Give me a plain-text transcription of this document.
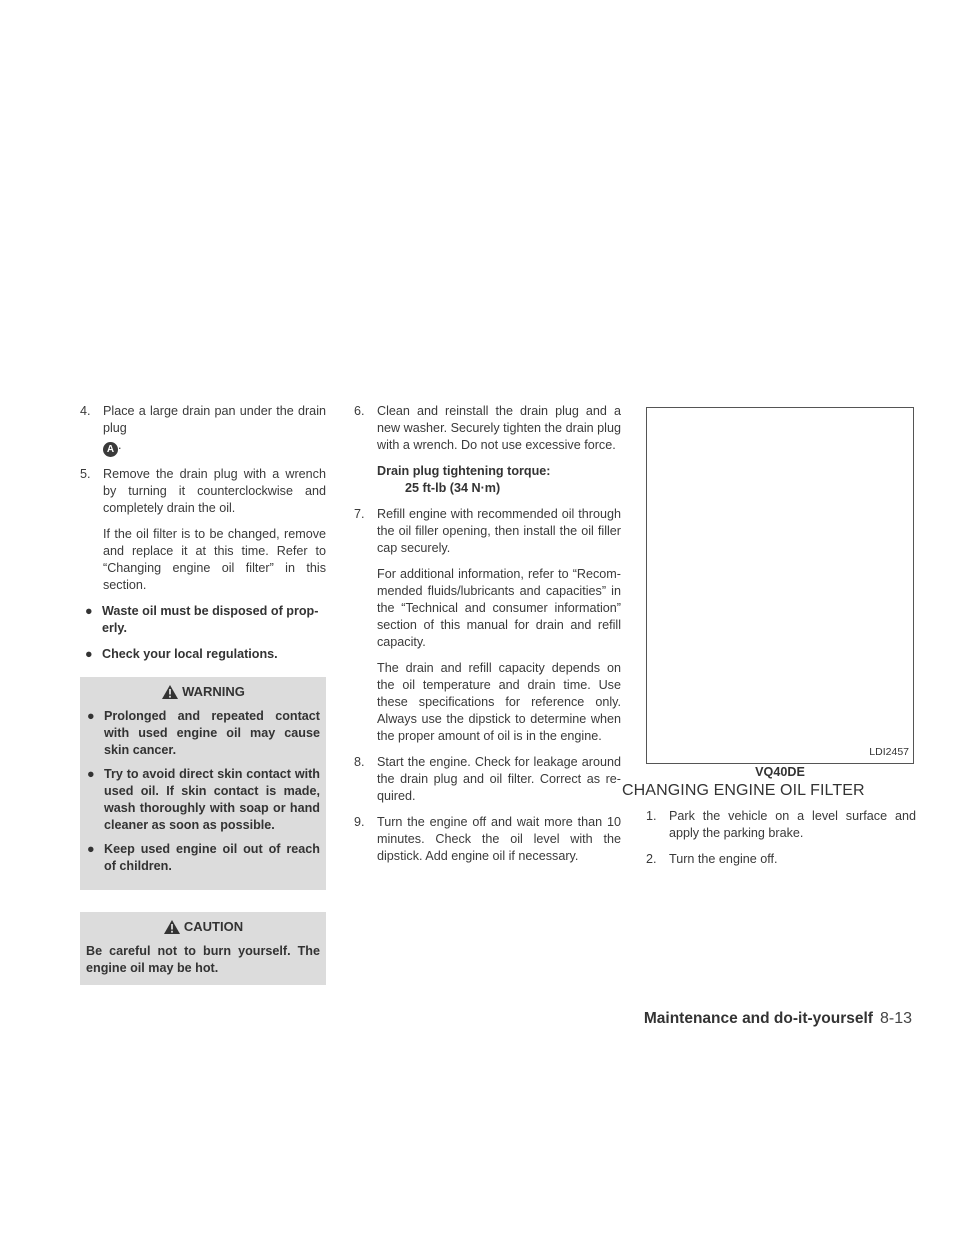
4. Place a large drain pan under the drain plug
A .
5. Remove the drain plug with a wrench by turning it counterclockwise and completely drain the oil.
If the oil filter is to be changed, remove and replace it at this time. Refer to “Changing engine oil filter” in this section.
● Waste oil must be disposed of prop-erly.
● Check your local regulations.
WARNING
● Prolonged and repeated contact with used engine oil may cause skin cancer.
● Try to avoid direct skin contact with used oil. If skin contact is made, wash thoroughly with soap or hand cleaner as soon as possible.
● Keep used engine oil out of reach of children.
CAUTION
Be careful not to burn yourself. The engine oil may be hot.
6. Clean and reinstall the drain plug and a new washer. Securely tighten the drain plug with a wrench. Do not use excessive force.
Drain plug tightening torque:
25 ft-lb (34 N·m)
7. Refill engine with recommended oil through the oil filler opening, then install the oil filler cap securely.
For additional information, refer to “Recom-mended fluids/lubricants and capacities” in the “Technical and consumer information” section of this manual for drain and refill capacity.
The drain and refill capacity depends on the oil temperature and drain time. Use these specifications for reference only. Always use the dipstick to determine when the proper amount of oil is in the engine.
8. Start the engine. Check for leakage around the drain plug and oil filter. Correct as re-quired.
9. Turn the engine off and wait more than 10 minutes. Check the oil level with the dipstick. Add engine oil if necessary.
LDI2457
VQ40DE
CHANGING ENGINE OIL FILTER
1. Park the vehicle on a level surface and apply the parking brake.
2. Turn the engine off.
Maintenance and do-it-yourself 8-13
